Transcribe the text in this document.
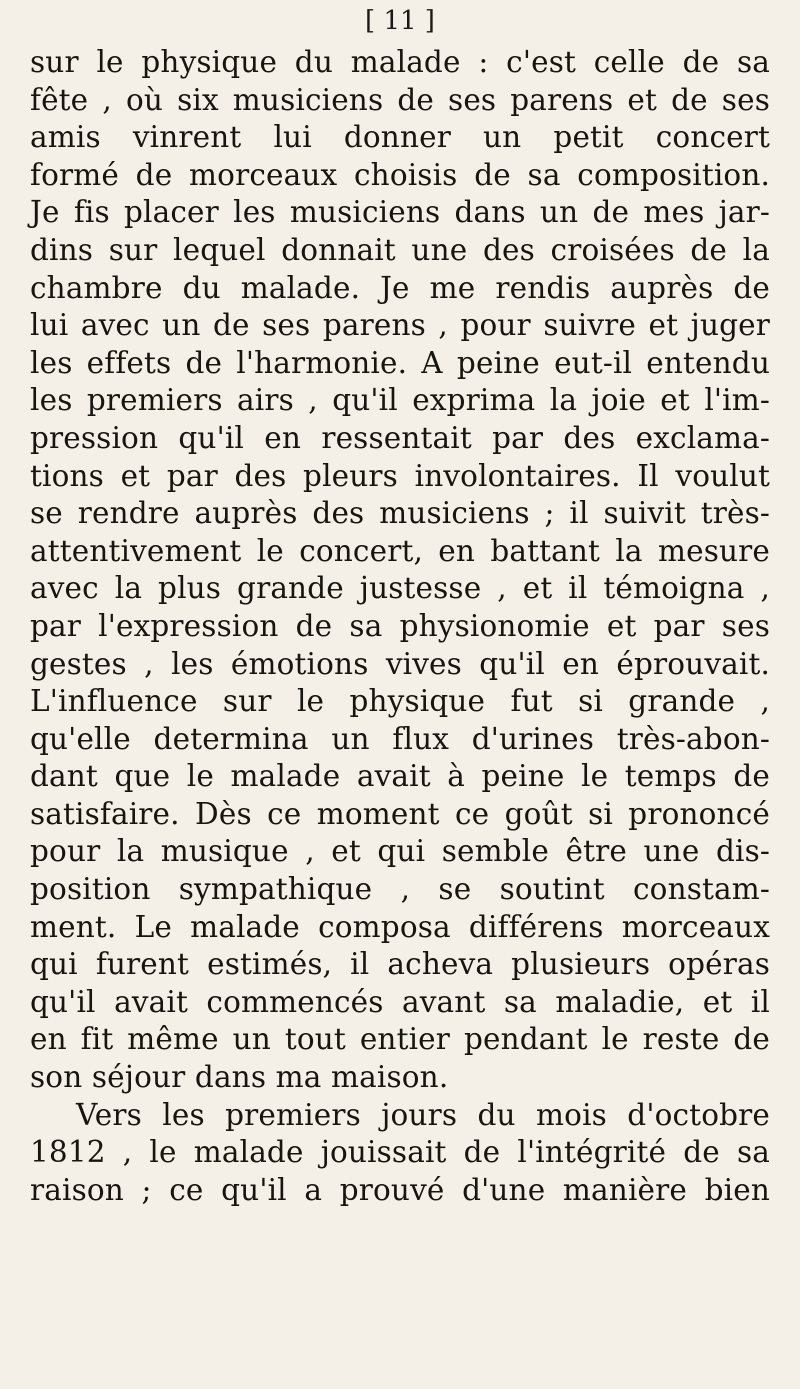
[ 11 ]
sur le physique du malade : c'est celle de sa
fête , où six musiciens de ses parens et de ses
amis vinrent lui donner un petit concert
formé de morceaux choisis de sa composition.
Je fis placer les musiciens dans un de mes jar-
dins sur lequel donnait une des croisées de la
chambre du malade. Je me rendis auprès de
lui avec un de ses parens , pour suivre et juger
les effets de l'harmonie. A peine eut-il entendu
les premiers airs , qu'il exprima la joie et l'im-
pression qu'il en ressentait par des exclama-
tions et par des pleurs involontaires. Il voulut
se rendre auprès des musiciens ; il suivit très-
attentivement le concert, en battant la mesure
avec la plus grande justesse , et il témoigna ,
par l'expression de sa physionomie et par ses
gestes , les émotions vives qu'il en éprouvait.
L'influence sur le physique fut si grande ,
qu'elle determina un flux d'urines très-abon-
dant que le malade avait à peine le temps de
satisfaire. Dès ce moment ce goût si prononcé
pour la musique , et qui semble être une dis-
position sympathique , se soutint constam-
ment. Le malade composa différens morceaux
qui furent estimés, il acheva plusieurs opéras
qu'il avait commencés avant sa maladie, et il
en fit même un tout entier pendant le reste de
son séjour dans ma maison.
Vers les premiers jours du mois d'octobre
1812 , le malade jouissait de l'intégrité de sa
raison ; ce qu'il a prouvé d'une manière bien
